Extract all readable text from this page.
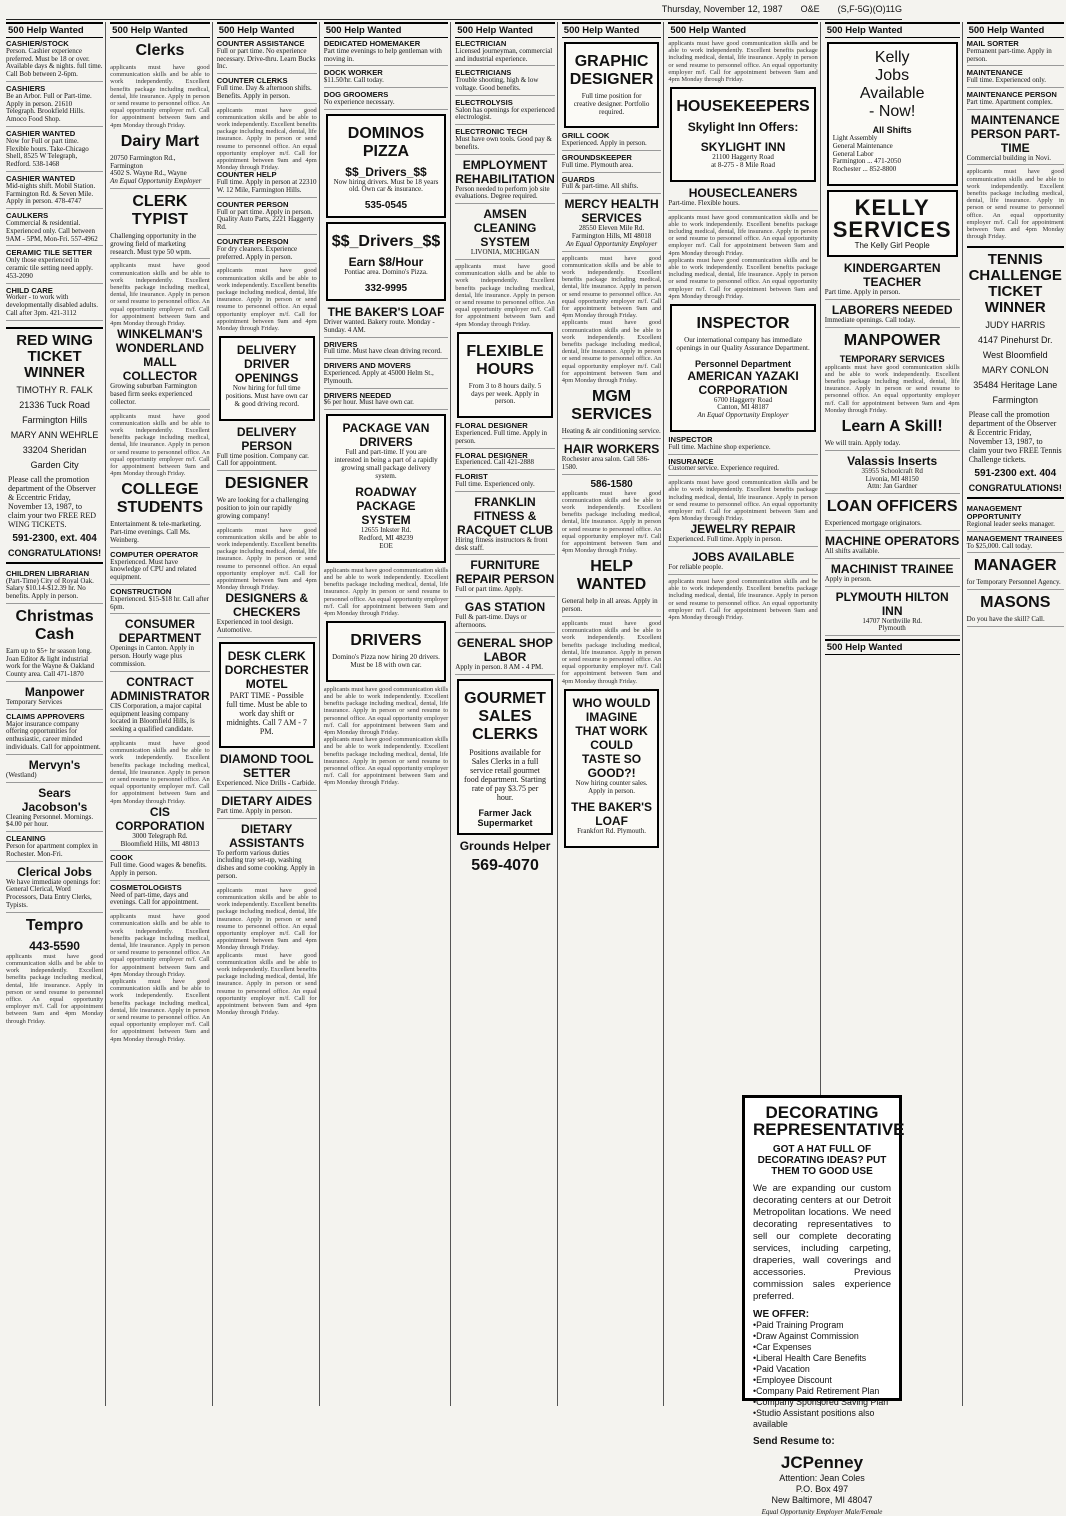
Thursday, November 12, 1987 O&E (S,F-5G)(O)11G
500 Help Wanted
CASHIER/STOCK
Person. Cashier experience preferred. Must be 18 or over. Available days & nights. full time. Call Bob between 2-6pm.
CASHIERS
Be an Arbor. Full or Part-time. Apply in person. 21610 Telegraph. Brookfield Hills. Amoco Food Shop.
CASHIER WANTED
Now for Full or part time. Flexible hours. Take-Chicago Shell, 8525 W Telegraph, Redford. 538-1468
CASHIER WANTED
Mid-nights shift. Mobil Station. Farmington Rd. & Seven Mile. Apply in person. 478-4747
CAULKERS
Commercial & residential. Experienced only. Call between 9AM - 5PM, Mon-Fri. 557-4962
CERAMIC TILE SETTER
Only those experienced in ceramic tile setting need apply. 453-2090
CHILD CARE
Worker - to work with developmentally disabled adults. Call after 3pm. 421-3112
RED WING TICKET WINNER
TIMOTHY R. FALK
21336 Tuck Road
Farmington Hills
MARY ANN WEHRLE
33204 Sheridan
Garden City
Please call the promotion department of the Observer & Eccentric Friday, November 13, 1987, to claim your two FREE RED WING TICKETS.
591-2300, ext. 404
CONGRATULATIONS!
CHILDREN LIBRARIAN
(Part-Time) City of Royal Oak. Salary $10.14-$12.39 hr. No benefits. Apply in person.
Christmas Cash
Earn up to $5+ hr season long. Joan Editor & light industrial work for the Wayne & Oakland County area. Call 471-1870
Manpower
Temporary Services
CLAIMS APPROVERS
Major insurance company offering opportunities for enthusiastic, career minded individuals. Call for appointment.
Mervyn's
(Westland)
Sears Jacobson's
Cleaning Personnel. Mornings. $4.00 per hour.
CLEANING
Person for apartment complex in Rochester. Mon-Fri.
Clerical Jobs
We have immediate openings for: General Clerical, Word Processors, Data Entry Clerks, Typists.
Tempro
443-5590
applicants must have good communication skills and be able to work independently. Excellent benefits package including medical, dental, life insurance. Apply in person or send resume to personnel office. An equal opportunity employer m/f. Call for appointment between 9am and 4pm Monday through Friday.
500 Help Wanted
Clerks
applicants must have good communication skills and be able to work independently. Excellent benefits package including medical, dental, life insurance. Apply in person or send resume to personnel office. An equal opportunity employer m/f. Call for appointment between 9am and 4pm Monday through Friday.
Dairy Mart
20750 Farmington Rd., Farmington
4502 S. Wayne Rd., Wayne
An Equal Opportunity Employer
CLERK TYPIST
Challenging opportunity in the growing field of marketing research. Must type 50 wpm.
applicants must have good communication skills and be able to work independently. Excellent benefits package including medical, dental, life insurance. Apply in person or send resume to personnel office. An equal opportunity employer m/f. Call for appointment between 9am and 4pm Monday through Friday.
WINKELMAN'S WONDERLAND MALL
COLLECTOR
Growing suburban Farmington based firm seeks experienced collector.
applicants must have good communication skills and be able to work independently. Excellent benefits package including medical, dental, life insurance. Apply in person or send resume to personnel office. An equal opportunity employer m/f. Call for appointment between 9am and 4pm Monday through Friday.
COLLEGE STUDENTS
Entertainment & tele-marketing. Part-time evenings. Call Ms. Weinberg.
COMPUTER OPERATOR
Experienced. Must have knowledge of CPU and related equipment.
CONSTRUCTION
Experienced. $15-$18 hr. Call after 6pm.
CONSUMER DEPARTMENT
Openings in Canton. Apply in person. Hourly wage plus commission.
CONTRACT ADMINISTRATOR
CIS Corporation, a major capital equipment leasing company located in Bloomfield Hills, is seeking a qualified candidate.
applicants must have good communication skills and be able to work independently. Excellent benefits package including medical, dental, life insurance. Apply in person or send resume to personnel office. An equal opportunity employer m/f. Call for appointment between 9am and 4pm Monday through Friday.
CIS CORPORATION
3000 Telegraph Rd.
Bloomfield Hills, MI 48013
COOK
Full time. Good wages & benefits. Apply in person.
COSMETOLOGISTS
Need of part-time, days and evenings. Call for appointment.
applicants must have good communication skills and be able to work independently. Excellent benefits package including medical, dental, life insurance. Apply in person or send resume to personnel office. An equal opportunity employer m/f. Call for appointment between 9am and 4pm Monday through Friday.
applicants must have good communication skills and be able to work independently. Excellent benefits package including medical, dental, life insurance. Apply in person or send resume to personnel office. An equal opportunity employer m/f. Call for appointment between 9am and 4pm Monday through Friday.
500 Help Wanted
COUNTER ASSISTANCE
Full or part time. No experience necessary. Drive-thru. Learn Bucks Inc.
COUNTER CLERKS
Full time. Day & afternoon shifts. Benefits. Apply in person.
applicants must have good communication skills and be able to work independently. Excellent benefits package including medical, dental, life insurance. Apply in person or send resume to personnel office. An equal opportunity employer m/f. Call for appointment between 9am and 4pm Monday through Friday.
COUNTER HELP
Full time. Apply in person at 22310 W. 12 Mile, Farmington Hills.
COUNTER PERSON
Full or part time. Apply in person. Quality Auto Parts, 2221 Haggerty Rd.
COUNTER PERSON
For dry cleaners. Experience preferred. Apply in person.
applicants must have good communication skills and be able to work independently. Excellent benefits package including medical, dental, life insurance. Apply in person or send resume to personnel office. An equal opportunity employer m/f. Call for appointment between 9am and 4pm Monday through Friday.
DELIVERY DRIVER OPENINGS
Now hiring for full time positions. Must have own car & good driving record.
DELIVERY PERSON
Full time position. Company car. Call for appointment.
DESIGNER
We are looking for a challenging position to join our rapidly growing company!
applicants must have good communication skills and be able to work independently. Excellent benefits package including medical, dental, life insurance. Apply in person or send resume to personnel office. An equal opportunity employer m/f. Call for appointment between 9am and 4pm Monday through Friday.
DESIGNERS & CHECKERS
Experienced in tool design. Automotive.
DESK CLERK DORCHESTER MOTEL
PART TIME - Possible full time. Must be able to work day shift or midnights. Call 7 AM - 7 PM.
DIAMOND TOOL SETTER
Experienced. Nice Drills - Carbide.
DIETARY AIDES
Part time. Apply in person.
DIETARY ASSISTANTS
To perform various duties including tray set-up, washing dishes and some cooking. Apply in person.
applicants must have good communication skills and be able to work independently. Excellent benefits package including medical, dental, life insurance. Apply in person or send resume to personnel office. An equal opportunity employer m/f. Call for appointment between 9am and 4pm Monday through Friday.
applicants must have good communication skills and be able to work independently. Excellent benefits package including medical, dental, life insurance. Apply in person or send resume to personnel office. An equal opportunity employer m/f. Call for appointment between 9am and 4pm Monday through Friday.
500 Help Wanted
DEDICATED HOMEMAKER
Part time evenings to help gentleman with moving in.
DOCK WORKER
$11.50/hr. Call today.
DOG GROOMERS
No experience necessary.
DOMINOS PIZZA
$$_Drivers_$$
Now hiring drivers. Must be 18 years old. Own car & insurance.
535-0545
$$_Drivers_$$
Earn $8/Hour
Pontiac area. Domino's Pizza.
332-9995
THE BAKER'S LOAF
Driver wanted. Bakery route. Monday - Sunday. 4 AM.
DRIVERS
Full time. Must have clean driving record.
DRIVERS AND MOVERS
Experienced. Apply at 45000 Helm St., Plymouth.
DRIVERS NEEDED
$6 per hour. Must have own car.
PACKAGE VAN DRIVERS
Full and part-time. If you are interested in being a part of a rapidly growing small package delivery system.
ROADWAY PACKAGE SYSTEM
12655 Inkster Rd.
Redford, MI 48239
EOE
applicants must have good communication skills and be able to work independently. Excellent benefits package including medical, dental, life insurance. Apply in person or send resume to personnel office. An equal opportunity employer m/f. Call for appointment between 9am and 4pm Monday through Friday.
DRIVERS
Domino's Pizza now hiring 20 drivers. Must be 18 with own car.
applicants must have good communication skills and be able to work independently. Excellent benefits package including medical, dental, life insurance. Apply in person or send resume to personnel office. An equal opportunity employer m/f. Call for appointment between 9am and 4pm Monday through Friday.
applicants must have good communication skills and be able to work independently. Excellent benefits package including medical, dental, life insurance. Apply in person or send resume to personnel office. An equal opportunity employer m/f. Call for appointment between 9am and 4pm Monday through Friday.
500 Help Wanted
ELECTRICIAN
Licensed journeyman, commercial and industrial experience.
ELECTRICIANS
Trouble shooting, high & low voltage. Good benefits.
ELECTROLYSIS
Salon has openings for experienced electrologist.
ELECTRONIC TECH
Must have own tools. Good pay & benefits.
EMPLOYMENT REHABILITATION
Person needed to perform job site evaluations. Degree required.
AMSEN CLEANING SYSTEM
LIVONIA, MICHIGAN
applicants must have good communication skills and be able to work independently. Excellent benefits package including medical, dental, life insurance. Apply in person or send resume to personnel office. An equal opportunity employer m/f. Call for appointment between 9am and 4pm Monday through Friday.
FLEXIBLE HOURS
From 3 to 8 hours daily. 5 days per week. Apply in person.
FLORAL DESIGNER
Experienced. Full time. Apply in person.
FLORAL DESIGNER
Experienced. Call 421-2888
FLORIST
Full time. Experienced only.
FRANKLIN FITNESS & RACQUET CLUB
Hiring fitness instructors & front desk staff.
FURNITURE REPAIR PERSON
Full or part time. Apply.
GAS STATION
Full & part-time. Days or afternoons.
GENERAL SHOP LABOR
Apply in person. 8 AM - 4 PM.
GOURMET SALES CLERKS
Positions available for Sales Clerks in a full service retail gourmet food department. Starting rate of pay $3.75 per hour.
Farmer Jack Supermarket
Grounds Helper
569-4070
500 Help Wanted
GRAPHIC DESIGNER
Full time position for creative designer. Portfolio required.
GRILL COOK
Experienced. Apply in person.
GROUNDSKEEPER
Full time. Plymouth area.
GUARDS
Full & part-time. All shifts.
MERCY HEALTH SERVICES
28550 Eleven Mile Rd.
Farmington Hills, MI 48018
An Equal Opportunity Employer
applicants must have good communication skills and be able to work independently. Excellent benefits package including medical, dental, life insurance. Apply in person or send resume to personnel office. An equal opportunity employer m/f. Call for appointment between 9am and 4pm Monday through Friday.
applicants must have good communication skills and be able to work independently. Excellent benefits package including medical, dental, life insurance. Apply in person or send resume to personnel office. An equal opportunity employer m/f. Call for appointment between 9am and 4pm Monday through Friday.
MGM SERVICES
Heating & air conditioning service.
HAIR WORKERS
Rochester area salon. Call 586-1580.
586-1580
applicants must have good communication skills and be able to work independently. Excellent benefits package including medical, dental, life insurance. Apply in person or send resume to personnel office. An equal opportunity employer m/f. Call for appointment between 9am and 4pm Monday through Friday.
HELP WANTED
General help in all areas. Apply in person.
applicants must have good communication skills and be able to work independently. Excellent benefits package including medical, dental, life insurance. Apply in person or send resume to personnel office. An equal opportunity employer m/f. Call for appointment between 9am and 4pm Monday through Friday.
WHO WOULD IMAGINE THAT WORK COULD TASTE SO GOOD?!
Now hiring counter sales. Apply in person.
THE BAKER'S LOAF
Frankfort Rd. Plymouth.
500 Help Wanted
applicants must have good communication skills and be able to work independently. Excellent benefits package including medical, dental, life insurance. Apply in person or send resume to personnel office. An equal opportunity employer m/f. Call for appointment between 9am and 4pm Monday through Friday.
HOUSEKEEPERS
Skylight Inn Offers:
SKYLIGHT INN
21100 Haggerty Road
at 8-275 - 8 Mile Road
HOUSECLEANERS
Part-time. Flexible hours.
applicants must have good communication skills and be able to work independently. Excellent benefits package including medical, dental, life insurance. Apply in person or send resume to personnel office. An equal opportunity employer m/f. Call for appointment between 9am and 4pm Monday through Friday.
applicants must have good communication skills and be able to work independently. Excellent benefits package including medical, dental, life insurance. Apply in person or send resume to personnel office. An equal opportunity employer m/f. Call for appointment between 9am and 4pm Monday through Friday.
INSPECTOR
Our international company has immediate openings in our Quality Assurance Department.
Personnel Department
AMERICAN YAZAKI CORPORATION
6700 Haggerty Road
Canton, MI 48187
An Equal Opportunity Employer
INSPECTOR
Full time. Machine shop experience.
INSURANCE
Customer service. Experience required.
applicants must have good communication skills and be able to work independently. Excellent benefits package including medical, dental, life insurance. Apply in person or send resume to personnel office. An equal opportunity employer m/f. Call for appointment between 9am and 4pm Monday through Friday.
JEWELRY REPAIR
Experienced. Full time. Apply in person.
JOBS AVAILABLE
For reliable people.
applicants must have good communication skills and be able to work independently. Excellent benefits package including medical, dental, life insurance. Apply in person or send resume to personnel office. An equal opportunity employer m/f. Call for appointment between 9am and 4pm Monday through Friday.
500 Help Wanted
Kelly
Jobs
Available
- Now!
All Shifts
Light Assembly
General Maintenance
General Labor
Farmington ... 471-2050
Rochester ... 852-8800
KELLY
SERVICES
The Kelly Girl People
KINDERGARTEN TEACHER
Part time. Apply in person.
LABORERS NEEDED
Immediate openings. Call today.
MANPOWER
TEMPORARY SERVICES
applicants must have good communication skills and be able to work independently. Excellent benefits package including medical, dental, life insurance. Apply in person or send resume to personnel office. An equal opportunity employer m/f. Call for appointment between 9am and 4pm Monday through Friday.
Learn A Skill!
We will train. Apply today.
Valassis Inserts
35955 Schoolcraft Rd
Livonia, MI 48150
Attn: Jan Gardner
LOAN OFFICERS
Experienced mortgage originators.
MACHINE OPERATORS
All shifts available.
MACHINIST TRAINEE
Apply in person.
PLYMOUTH HILTON INN
14707 Northville Rd.
Plymouth
500 Help Wanted
500 Help Wanted
MAIL SORTER
Permanent part-time. Apply in person.
MAINTENANCE
Full time. Experienced only.
MAINTENANCE PERSON
Part time. Apartment complex.
MAINTENANCE PERSON PART-TIME
Commercial building in Novi.
applicants must have good communication skills and be able to work independently. Excellent benefits package including medical, dental, life insurance. Apply in person or send resume to personnel office. An equal opportunity employer m/f. Call for appointment between 9am and 4pm Monday through Friday.
TENNIS CHALLENGE TICKET WINNER
JUDY HARRIS
4147 Pinehurst Dr.
West Bloomfield
MARY CONLON
35484 Heritage Lane
Farmington
Please call the promotion department of the Observer & Eccentric Friday, November 13, 1987, to claim your two FREE Tennis Challenge tickets.
591-2300 ext. 404
CONGRATULATIONS!
MANAGEMENT OPPORTUNITY
Regional leader seeks manager.
MANAGEMENT TRAINEES
To $25,000. Call today.
MANAGER
for Temporary Personnel Agency.
MASONS
Do you have the skill? Call.
DECORATING REPRESENTATIVE
GOT A HAT FULL OF DECORATING IDEAS? PUT THEM TO GOOD USE
We are expanding our custom decorating centers at our Detroit Metropolitan locations. We need decorating representatives to sell our complete decorating services, including carpeting, draperies, wall coverings and accessories. Previous commission sales experience preferred.
WE OFFER:
• Paid Training Program
• Draw Against Commission
• Car Expenses
• Liberal Health Care Benefits
• Paid Vacation
• Employee Discount
• Company Paid Retirement Plan
• Company Sponsored Saving Plan
• Studio Assistant positions also available
Send Resume to:
JCPenney
Attention: Jean Coles
P.O. Box 497
New Baltimore, MI 48047
Equal Opportunity Employer Male/Female
